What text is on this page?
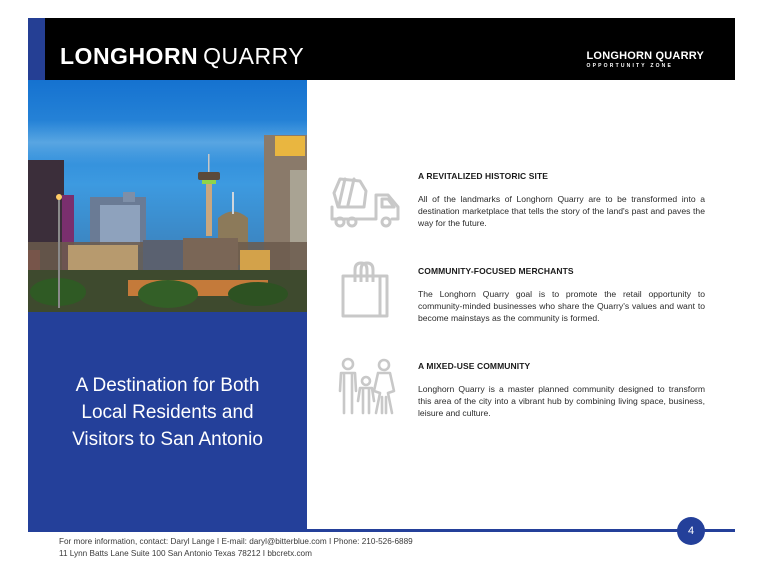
LONGHORN QUARRY	LONGHORN QUARRY
OPPORTUNITY ZONE
A Destination for Both
Local Residents and
Visitors to San Antonio
A REVITALIZED HISTORIC SITE
All of the landmarks of Longhorn Quarry are to be transformed into a destination marketplace that tells the story of the land's past and paves the way for the future.
COMMUNITY-FOCUSED MERCHANTS
The Longhorn Quarry goal is to promote the retail opportunity to community-minded businesses who share the Quarry's values and want to become mainstays as the community is formed.
A MIXED-USE COMMUNITY
Longhorn Quarry is a master planned community designed to transform this area of the city into a vibrant hub by combining living space, business, leisure and culture.
4
For more information, contact: Daryl Lange I E-mail: daryl@bitterblue.com I Phone: 210-526-6889
11 Lynn Batts Lane Suite 100 San Antonio Texas 78212 I bbcretx.com
